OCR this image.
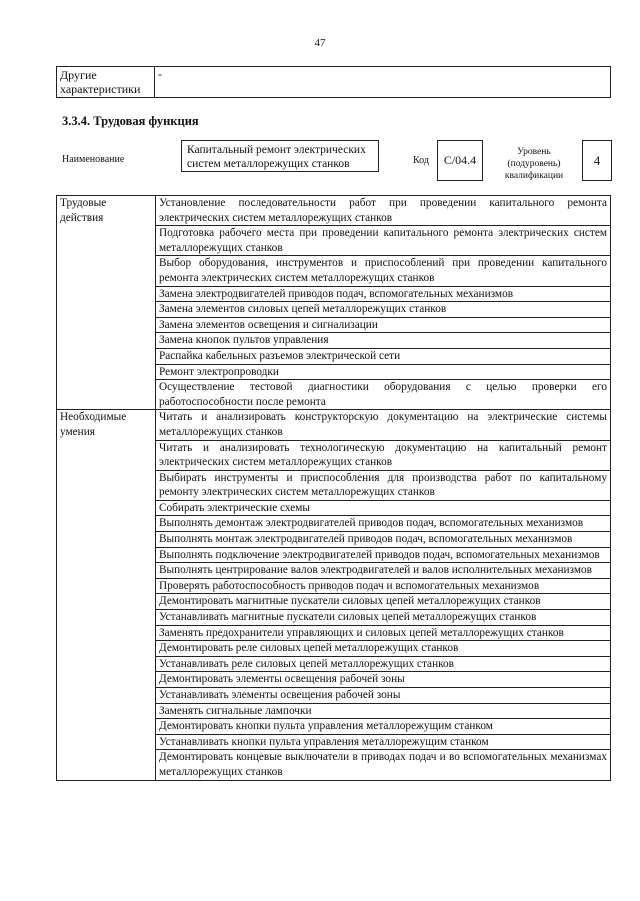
47
Другие характеристики	-
3.3.4. Трудовая функция
Наименование
Капитальный ремонт электрических систем металлорежущих станков	Код	C/04.4
Уровень (подуровень) квалификации
4
Трудовые действия	Установление последовательности работ при проведении капитального ремонта электрических систем металлорежущих станков
	Подготовка рабочего места при проведении капитального ремонта электрических систем металлорежущих станков
	Выбор оборудования, инструментов и приспособлений при проведении капитального ремонта электрических систем металлорежущих станков
	Замена электродвигателей приводов подач, вспомогательных механизмов
	Замена элементов силовых цепей металлорежущих станков
	Замена элементов освещения и сигнализации
	Замена кнопок пультов управления
	Распайка кабельных разъемов электрической сети
	Ремонт электропроводки
	Осуществление тестовой диагностики оборудования с целью проверки его работоспособности после ремонта
Необходимые умения	Читать и анализировать конструкторскую документацию на электрические системы металлорежущих станков
	Читать и анализировать технологическую документацию на капитальный ремонт электрических систем металлорежущих станков
	Выбирать инструменты и приспособления для производства работ по капитальному ремонту электрических систем металлорежущих станков
	Собирать электрические схемы
	Выполнять демонтаж электродвигателей приводов подач, вспомогательных механизмов
	Выполнять монтаж электродвигателей приводов подач, вспомогательных механизмов
	Выполнять подключение электродвигателей приводов подач, вспомогательных механизмов
	Выполнять центрирование валов электродвигателей и валов исполнительных механизмов
	Проверять работоспособность приводов подач и вспомогательных механизмов
	Демонтировать магнитные пускатели силовых цепей металлорежущих станков
	Устанавливать магнитные пускатели силовых цепей металлорежущих станков
	Заменять предохранители управляющих и силовых цепей металлорежущих станков
	Демонтировать реле силовых цепей металлорежущих станков
	Устанавливать реле силовых цепей металлорежущих станков
	Демонтировать элементы освещения рабочей зоны
	Устанавливать элементы освещения рабочей зоны
	Заменять сигнальные лампочки
	Демонтировать кнопки пульта управления металлорежущим станком
	Устанавливать кнопки пульта управления металлорежущим станком
	Демонтировать концевые выключатели в приводах подач и во вспомогательных механизмах металлорежущих станков
